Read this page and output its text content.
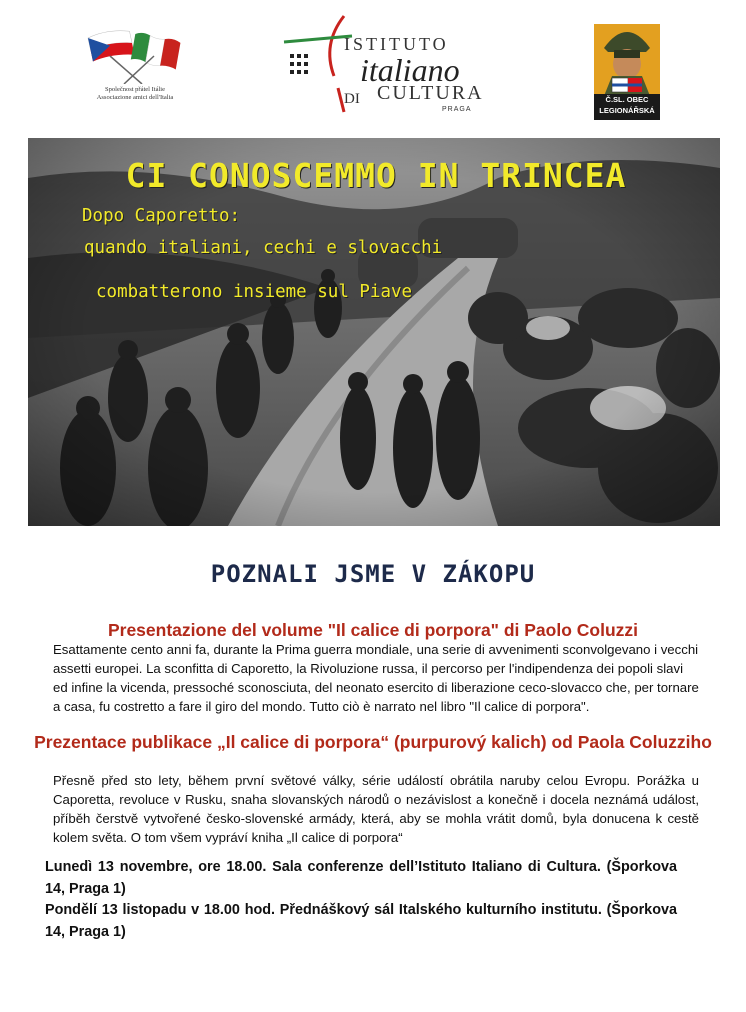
Společnost přátel Itálie
Associazione amici dell'Italia
ISTITUTO
italiano
DI CULTURA
PRAGA
Č.SL. OBEC
LEGIONÁŘSKÁ
CI CONOSCEMMO IN TRINCEA
Dopo Caporetto:
quando italiani, cechi e slovacchi
combatterono insieme sul Piave
POZNALI JSME V ZÁKOPU
Presentazione del volume "Il calice di porpora" di Paolo Coluzzi

Esattamente cento anni fa, durante la Prima guerra mondiale, una serie di avvenimenti sconvolgevano i vecchi assetti europei. La sconfitta di Caporetto, la Rivoluzione russa, il percorso per l'indipendenza dei popoli slavi ed infine la vicenda, pressoché sconosciuta, del neonato esercito di liberazione ceco-slovacco che, per tornare a casa, fu costretto a fare il giro del mondo. Tutto ciò è narrato nel libro "Il calice di porpora".

Prezentace publikace „Il calice di porpora“ (purpurový kalich) od Paola Coluzziho

Přesně před sto lety, během první světové války, série událostí obrátila naruby celou Evropu. Porážka u Caporetta, revoluce v Rusku, snaha slovanských národů o nezávislost a konečně i docela neznámá událost, příběh čerstvě vytvořené česko-slovenské armády, která, aby se mohla vrátit domů, byla donucena k cestě kolem světa. O tom všem vypráví kniha „Il calice di porpora“

Lunedì 13 novembre, ore 18.00. Sala conferenze dell’Istituto Italiano di Cultura. (Šporkova 14, Praga 1)

Pondělí 13 listopadu v 18.00 hod. Přednáškový sál Italského kulturního institutu. (Šporkova 14, Praga 1)
